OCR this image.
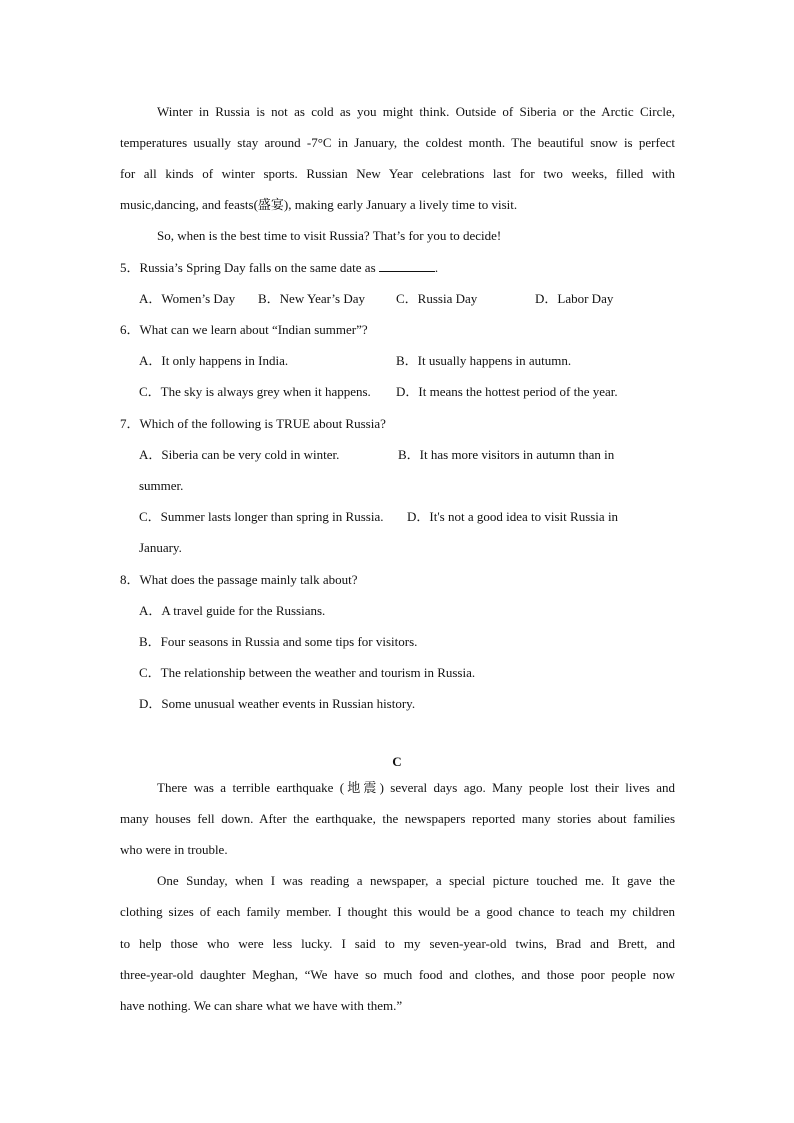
Winter in Russia is not as cold as you might think. Outside of Siberia or the Arctic Circle,
temperatures usually stay around -7°C in January, the coldest month. The beautiful snow is perfect
for all kinds of winter sports. Russian New Year celebrations last for two weeks, filled with
music,dancing, and feasts(盛宴), making early January a lively time to visit.
So, when is the best time to visit Russia? That’s for you to decide!
5．Russia’s Spring Day falls on the same date as	.
A．Women’s Day B．New Year’s Day C．Russia Day	D．Labor Day
6．What can we learn about “Indian summer”?
A．It only happens in India.	B．It usually happens in autumn.
C．The sky is always grey when it happens. D．It means the hottest period of the year.
7．Which of the following is TRUE about Russia?
A．Siberia can be very cold in winter.	B．It has more visitors in autumn than in
summer.
C．Summer lasts longer than spring in Russia. D．It's not a good idea to visit Russia in
January.
8．What does the passage mainly talk about?
A．A travel guide for the Russians.
B．Four seasons in Russia and some tips for visitors.
C．The relationship between the weather and tourism in Russia.
D．Some unusual weather events in Russian history.
C
There was a terrible earthquake (地震) several days ago. Many people lost their lives and
many houses fell down. After the earthquake, the newspapers reported many stories about families
who were in trouble.
One Sunday, when I was reading a newspaper, a special picture touched me. It gave the
clothing sizes of each family member. I thought this would be a good chance to teach my children
to help those who were less lucky. I said to my seven-year-old twins, Brad and Brett, and
three-year-old daughter Meghan, “We have so much food and clothes, and those poor people now
have nothing. We can share what we have with them.”
